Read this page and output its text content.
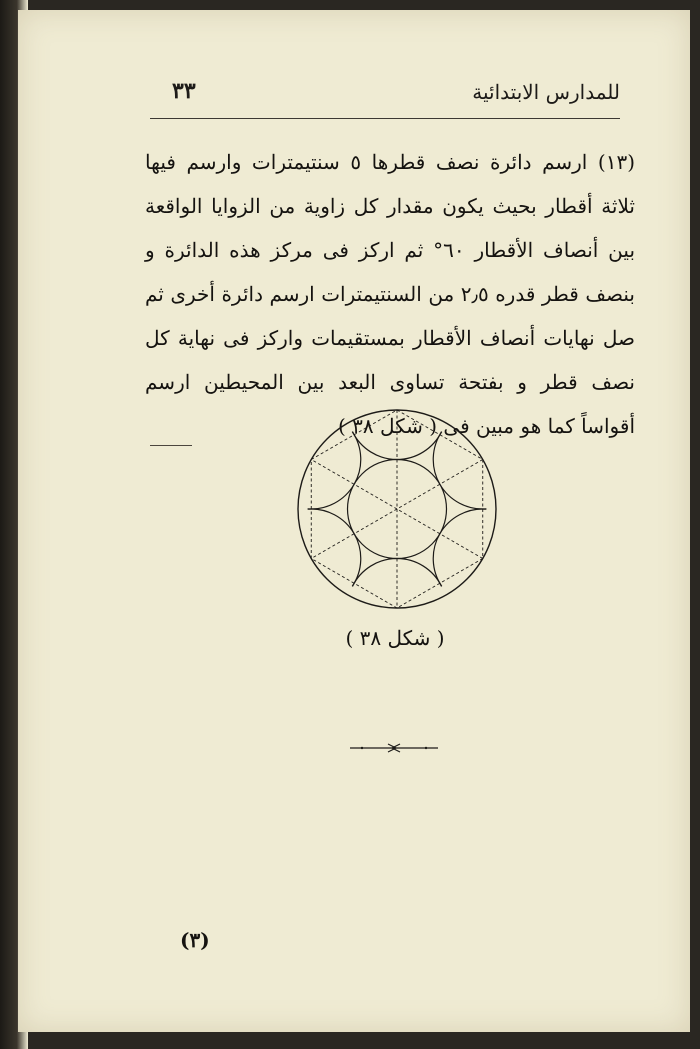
٣٣	للمدارس الابتدائية

(١٣) ارسم دائرة نصف قطرها ٥ سنتيمترات وارسم فيها ثلاثة أقطار بحيث يكون مقدار كل زاوية من الزوايا الواقعة بين أنصاف الأقطار ٦٠° ثم اركز فى مركز هذه الدائرة و بنصف قطر قدره ٢٫٥ من السنتيمترات ارسم دائرة أخرى ثم صل نهايات أنصاف الأقطار بمستقيمات واركز فى نهاية كل نصف قطر و بفتحة تساوى البعد بين المحيطين ارسم أقواساً كما هو مبين فى ( شكل ٣٨ )

( شكل ٣٨ )
(٣)
